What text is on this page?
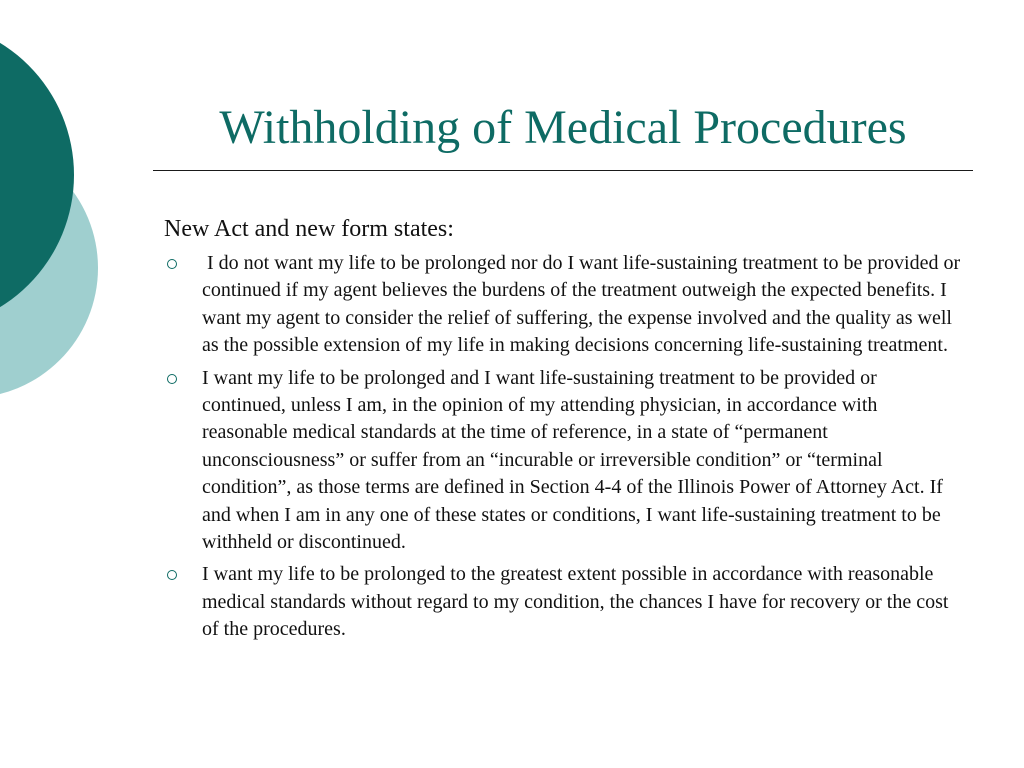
Withholding of Medical Procedures

New Act and new form states:

I do not want my life to be prolonged nor do I want life-sustaining treatment to be provided or continued if my agent believes the burdens of the treatment outweigh the expected benefits. I want my agent to consider the relief of suffering, the expense involved and the quality as well as the possible extension of my life in making decisions concerning life-sustaining treatment.
I want my life to be prolonged and I want life-sustaining treatment to be provided or continued, unless I am, in the opinion of my attending physician, in accordance with reasonable medical standards at the time of reference, in a state of “permanent unconsciousness” or suffer from an “incurable or irreversible condition” or “terminal condition”, as those terms are defined in Section 4-4 of the Illinois Power of Attorney Act. If and when I am in any one of these states or conditions, I want life-sustaining treatment to be withheld or discontinued.
I want my life to be prolonged to the greatest extent possible in accordance with reasonable medical standards without regard to my condition, the chances I have for recovery or the cost of the procedures.
